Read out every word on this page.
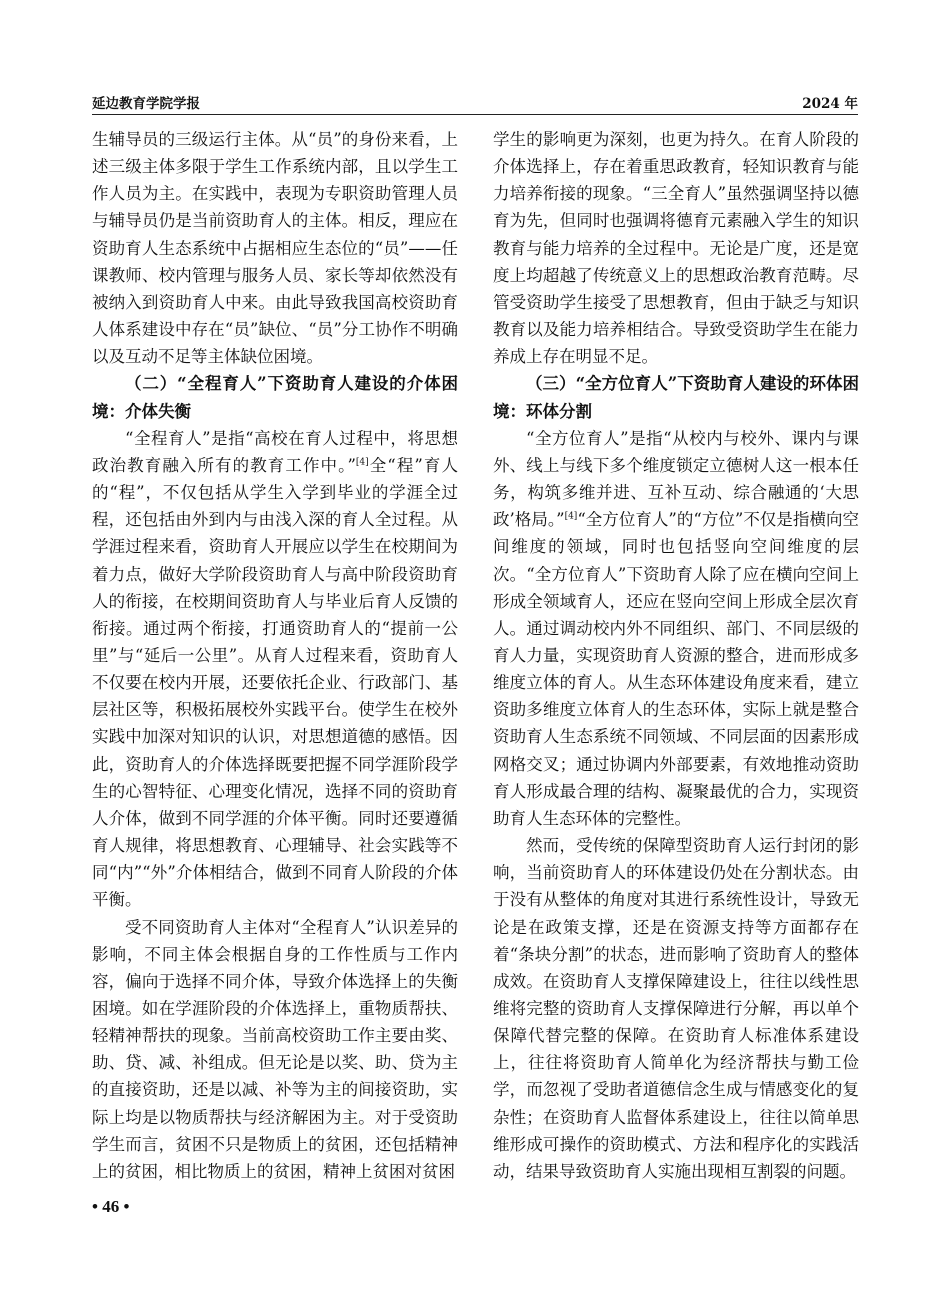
延边教育学院学报	2024 年

生辅导员的三级运行主体。从“员”的身份来看，上述三级主体多限于学生工作系统内部，且以学生工作人员为主。在实践中，表现为专职资助管理人员与辅导员仍是当前资助育人的主体。相反，理应在资助育人生态系统中占据相应生态位的“员”——任课教师、校内管理与服务人员、家长等却依然没有被纳入到资助育人中来。由此导致我国高校资助育人体系建设中存在“员”缺位、“员”分工协作不明确以及互动不足等主体缺位困境。

（二）“全程育人”下资助育人建设的介体困境：介体失衡

“全程育人”是指“高校在育人过程中，将思想政治教育融入所有的教育工作中。”[4]全“程”育人的“程”，不仅包括从学生入学到毕业的学涯全过程，还包括由外到内与由浅入深的育人全过程。从学涯过程来看，资助育人开展应以学生在校期间为着力点，做好大学阶段资助育人与高中阶段资助育人的衔接，在校期间资助育人与毕业后育人反馈的衔接。通过两个衔接，打通资助育人的“提前一公里”与“延后一公里”。从育人过程来看，资助育人不仅要在校内开展，还要依托企业、行政部门、基层社区等，积极拓展校外实践平台。使学生在校外实践中加深对知识的认识，对思想道德的感悟。因此，资助育人的介体选择既要把握不同学涯阶段学生的心智特征、心理变化情况，选择不同的资助育人介体，做到不同学涯的介体平衡。同时还要遵循育人规律，将思想教育、心理辅导、社会实践等不同“内”“外”介体相结合，做到不同育人阶段的介体平衡。

受不同资助育人主体对“全程育人”认识差异的影响，不同主体会根据自身的工作性质与工作内容，偏向于选择不同介体，导致介体选择上的失衡困境。如在学涯阶段的介体选择上，重物质帮扶、轻精神帮扶的现象。当前高校资助工作主要由奖、助、贷、减、补组成。但无论是以奖、助、贷为主的直接资助，还是以减、补等为主的间接资助，实际上均是以物质帮扶与经济解困为主。对于受资助学生而言，贫困不只是物质上的贫困，还包括精神上的贫困，相比物质上的贫困，精神上贫困对贫困

学生的影响更为深刻，也更为持久。在育人阶段的介体选择上，存在着重思政教育，轻知识教育与能力培养衔接的现象。“三全育人”虽然强调坚持以德育为先，但同时也强调将德育元素融入学生的知识教育与能力培养的全过程中。无论是广度，还是宽度上均超越了传统意义上的思想政治教育范畴。尽管受资助学生接受了思想教育，但由于缺乏与知识教育以及能力培养相结合。导致受资助学生在能力养成上存在明显不足。

（三）“全方位育人”下资助育人建设的环体困境：环体分割

“全方位育人”是指“从校内与校外、课内与课外、线上与线下多个维度锁定立德树人这一根本任务，构筑多维并进、互补互动、综合融通的‘大思政’格局。”[4]“全方位育人”的“方位”不仅是指横向空间维度的领域，同时也包括竖向空间维度的层次。“全方位育人”下资助育人除了应在横向空间上形成全领域育人，还应在竖向空间上形成全层次育人。通过调动校内外不同组织、部门、不同层级的育人力量，实现资助育人资源的整合，进而形成多维度立体的育人。从生态环体建设角度来看，建立资助多维度立体育人的生态环体，实际上就是整合资助育人生态系统不同领域、不同层面的因素形成网格交叉；通过协调内外部要素，有效地推动资助育人形成最合理的结构、凝聚最优的合力，实现资助育人生态环体的完整性。

然而，受传统的保障型资助育人运行封闭的影响，当前资助育人的环体建设仍处在分割状态。由于没有从整体的角度对其进行系统性设计，导致无论是在政策支撑，还是在资源支持等方面都存在着“条块分割”的状态，进而影响了资助育人的整体成效。在资助育人支撑保障建设上，往往以线性思维将完整的资助育人支撑保障进行分解，再以单个保障代替完整的保障。在资助育人标准体系建设上，往往将资助育人简单化为经济帮扶与勤工俭学，而忽视了受助者道德信念生成与情感变化的复杂性；在资助育人监督体系建设上，往往以简单思维形成可操作的资助模式、方法和程序化的实践活动，结果导致资助育人实施出现相互割裂的问题。

• 46 •
